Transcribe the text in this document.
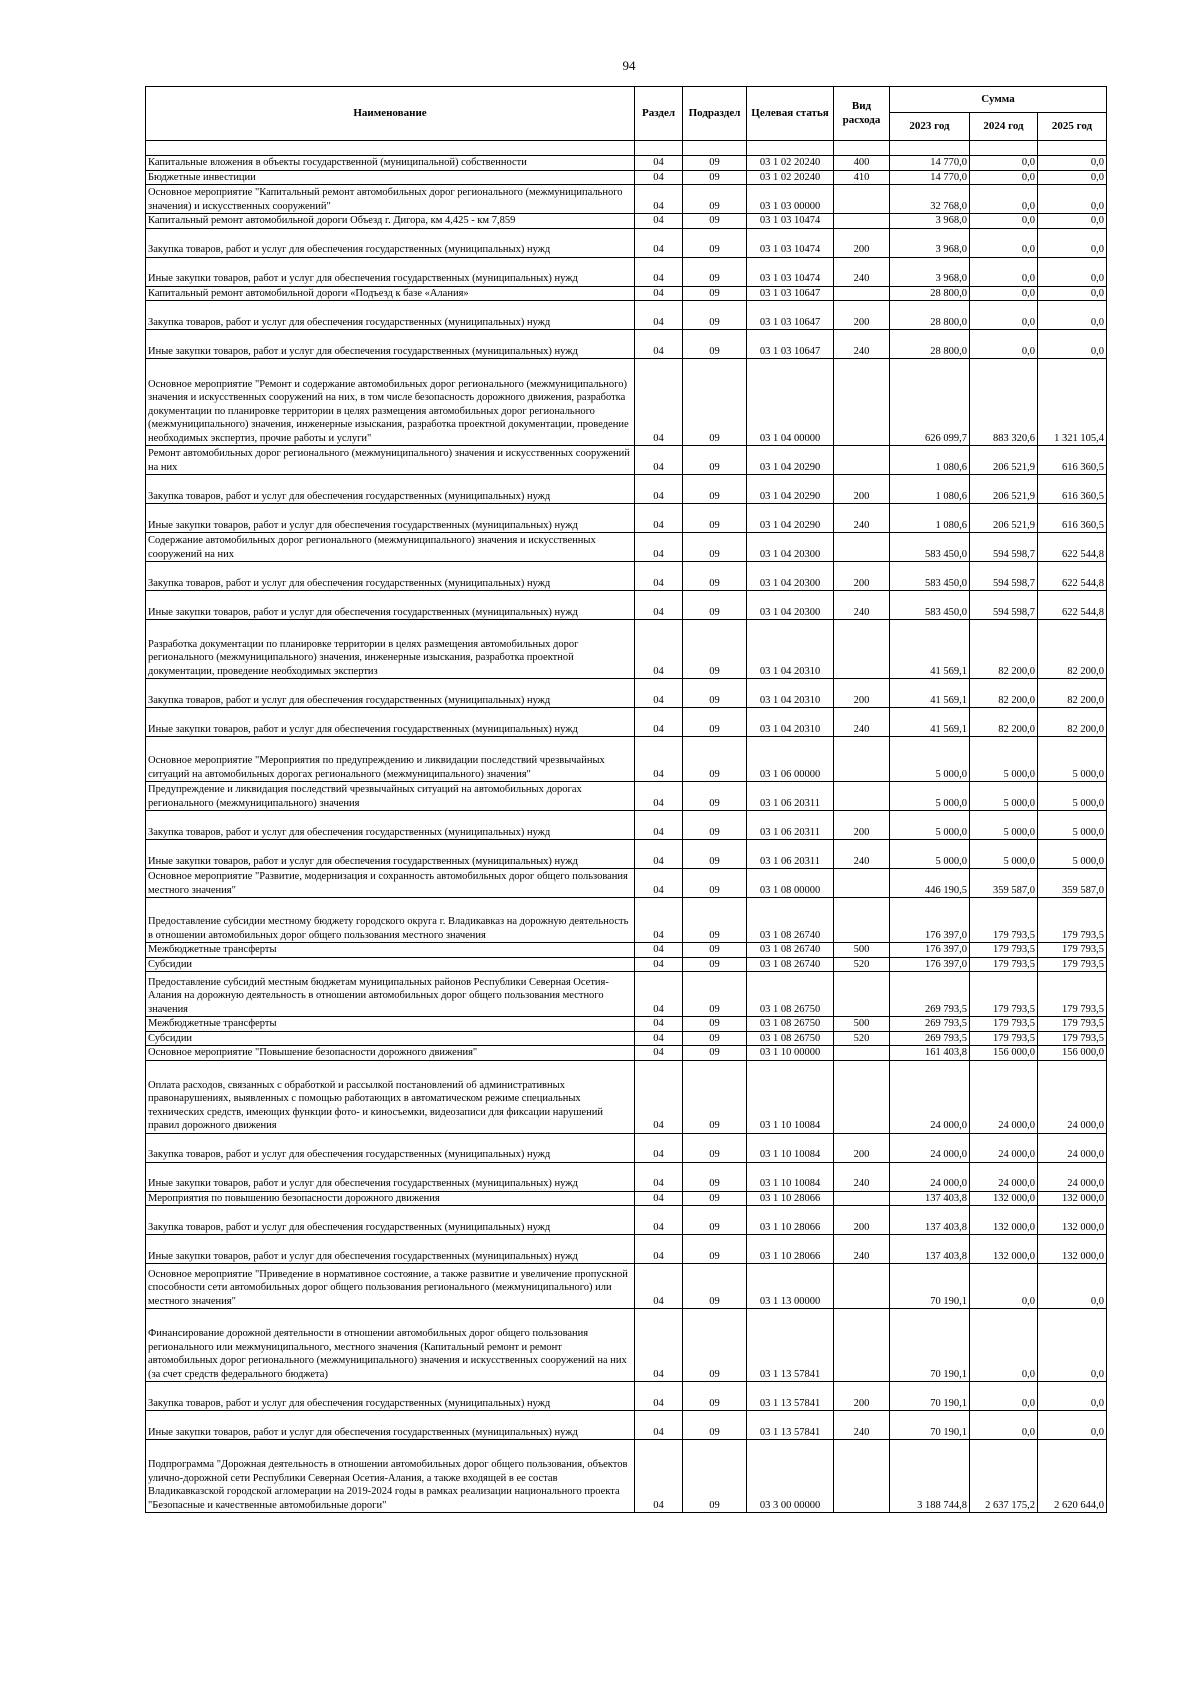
94
Наименование	Раздел	Подраздел	Целевая статья	Вид расхода	Сумма		
					2023 год	2024 год	2025 год

Капитальные вложения в объекты государственной (муниципальной) собственности	04	09	03 1 02 20240	400	14 770,0	0,0	0,0
Бюджетные инвестиции	04	09	03 1 02 20240	410	14 770,0	0,0	0,0
Основное мероприятие "Капитальный ремонт автомобильных дорог регионального (межмуниципального значения) и искусственных сооружений"	04	09	03 1 03 00000		32 768,0	0,0	0,0
Капитальный ремонт автомобильной дороги Объезд г. Дигора, км 4,425 - км 7,859	04	09	03 1 03 10474		3 968,0	0,0	0,0
Закупка товаров, работ и услуг для обеспечения государственных (муниципальных) нужд	04	09	03 1 03 10474	200	3 968,0	0,0	0,0
Иные закупки товаров, работ и услуг для обеспечения государственных (муниципальных) нужд	04	09	03 1 03 10474	240	3 968,0	0,0	0,0
Капитальный ремонт автомобильной дороги «Подъезд к базе «Алания»	04	09	03 1 03 10647		28 800,0	0,0	0,0
Закупка товаров, работ и услуг для обеспечения государственных (муниципальных) нужд	04	09	03 1 03 10647	200	28 800,0	0,0	0,0
Иные закупки товаров, работ и услуг для обеспечения государственных (муниципальных) нужд	04	09	03 1 03 10647	240	28 800,0	0,0	0,0
Основное мероприятие "Ремонт и содержание автомобильных дорог регионального (межмуниципального) значения и искусственных сооружений на них, в том числе безопасность дорожного движения, разработка документации по планировке территории в целях размещения автомобильных дорог регионального (межмуниципального) значения, инженерные изыскания, разработка проектной документации, проведение необходимых экспертиз, прочие работы и услуги"	04	09	03 1 04 00000		626 099,7	883 320,6	1 321 105,4
Ремонт автомобильных дорог регионального (межмуниципального) значения и искусственных сооружений на них	04	09	03 1 04 20290		1 080,6	206 521,9	616 360,5
Закупка товаров, работ и услуг для обеспечения государственных (муниципальных) нужд	04	09	03 1 04 20290	200	1 080,6	206 521,9	616 360,5
Иные закупки товаров, работ и услуг для обеспечения государственных (муниципальных) нужд	04	09	03 1 04 20290	240	1 080,6	206 521,9	616 360,5
Содержание автомобильных дорог регионального (межмуниципального) значения и искусственных сооружений на них	04	09	03 1 04 20300		583 450,0	594 598,7	622 544,8
Закупка товаров, работ и услуг для обеспечения государственных (муниципальных) нужд	04	09	03 1 04 20300	200	583 450,0	594 598,7	622 544,8
Иные закупки товаров, работ и услуг для обеспечения государственных (муниципальных) нужд	04	09	03 1 04 20300	240	583 450,0	594 598,7	622 544,8
Разработка документации по планировке территории в целях размещения автомобильных дорог регионального (межмуниципального) значения, инженерные изыскания, разработка проектной документации, проведение необходимых экспертиз	04	09	03 1 04 20310		41 569,1	82 200,0	82 200,0
Закупка товаров, работ и услуг для обеспечения государственных (муниципальных) нужд	04	09	03 1 04 20310	200	41 569,1	82 200,0	82 200,0
Иные закупки товаров, работ и услуг для обеспечения государственных (муниципальных) нужд	04	09	03 1 04 20310	240	41 569,1	82 200,0	82 200,0
Основное мероприятие "Мероприятия по предупреждению и ликвидации последствий чрезвычайных ситуаций на автомобильных дорогах регионального (межмуниципального) значения"	04	09	03 1 06 00000		5 000,0	5 000,0	5 000,0
Предупреждение и ликвидация последствий чрезвычайных ситуаций на автомобильных дорогах регионального (межмуниципального) значения	04	09	03 1 06 20311		5 000,0	5 000,0	5 000,0
Закупка товаров, работ и услуг для обеспечения государственных (муниципальных) нужд	04	09	03 1 06 20311	200	5 000,0	5 000,0	5 000,0
Иные закупки товаров, работ и услуг для обеспечения государственных (муниципальных) нужд	04	09	03 1 06 20311	240	5 000,0	5 000,0	5 000,0
Основное мероприятие "Развитие, модернизация и сохранность автомобильных дорог общего пользования местного значения"	04	09	03 1 08 00000		446 190,5	359 587,0	359 587,0
Предоставление субсидии местному бюджету городского округа г. Владикавказ на дорожную деятельность в отношении автомобильных дорог общего пользования местного значения	04	09	03 1 08 26740		176 397,0	179 793,5	179 793,5
Межбюджетные трансферты	04	09	03 1 08 26740	500	176 397,0	179 793,5	179 793,5
Субсидии	04	09	03 1 08 26740	520	176 397,0	179 793,5	179 793,5
Предоставление субсидий местным бюджетам муниципальных районов Республики Северная Осетия-Алания на дорожную деятельность в отношении автомобильных дорог общего пользования местного значения	04	09	03 1 08 26750		269 793,5	179 793,5	179 793,5
Межбюджетные трансферты	04	09	03 1 08 26750	500	269 793,5	179 793,5	179 793,5
Субсидии	04	09	03 1 08 26750	520	269 793,5	179 793,5	179 793,5
Основное мероприятие "Повышение безопасности дорожного движения"	04	09	03 1 10 00000		161 403,8	156 000,0	156 000,0
Оплата расходов, связанных с обработкой и рассылкой постановлений об административных правонарушениях, выявленных с помощью работающих в автоматическом режиме специальных технических средств, имеющих функции фото- и киносъемки, видеозаписи для фиксации нарушений правил дорожного движения	04	09	03 1 10 10084		24 000,0	24 000,0	24 000,0
Закупка товаров, работ и услуг для обеспечения государственных (муниципальных) нужд	04	09	03 1 10 10084	200	24 000,0	24 000,0	24 000,0
Иные закупки товаров, работ и услуг для обеспечения государственных (муниципальных) нужд	04	09	03 1 10 10084	240	24 000,0	24 000,0	24 000,0
Мероприятия по повышению безопасности дорожного движения	04	09	03 1 10 28066		137 403,8	132 000,0	132 000,0
Закупка товаров, работ и услуг для обеспечения государственных (муниципальных) нужд	04	09	03 1 10 28066	200	137 403,8	132 000,0	132 000,0
Иные закупки товаров, работ и услуг для обеспечения государственных (муниципальных) нужд	04	09	03 1 10 28066	240	137 403,8	132 000,0	132 000,0
Основное мероприятие "Приведение в нормативное состояние, а также развитие и увеличение пропускной способности сети автомобильных дорог общего пользования регионального (межмуниципального) или местного значения"	04	09	03 1 13 00000		70 190,1	0,0	0,0
Финансирование дорожной деятельности в отношении автомобильных дорог общего пользования регионального или межмуниципального, местного значения (Капитальный ремонт и ремонт автомобильных дорог регионального (межмуниципального) значения и искусственных сооружений на них (за счет средств федерального бюджета)	04	09	03 1 13 57841		70 190,1	0,0	0,0
Закупка товаров, работ и услуг для обеспечения государственных (муниципальных) нужд	04	09	03 1 13 57841	200	70 190,1	0,0	0,0
Иные закупки товаров, работ и услуг для обеспечения государственных (муниципальных) нужд	04	09	03 1 13 57841	240	70 190,1	0,0	0,0
Подпрограмма "Дорожная деятельность в отношении автомобильных дорог общего пользования, объектов улично-дорожной сети Республики Северная Осетия-Алания, а также входящей в ее состав Владикавказской городской агломерации на 2019-2024 годы в рамках реализации национального проекта "Безопасные и качественные автомобильные дороги"	04	09	03 3 00 00000		3 188 744,8	2 637 175,2	2 620 644,0
